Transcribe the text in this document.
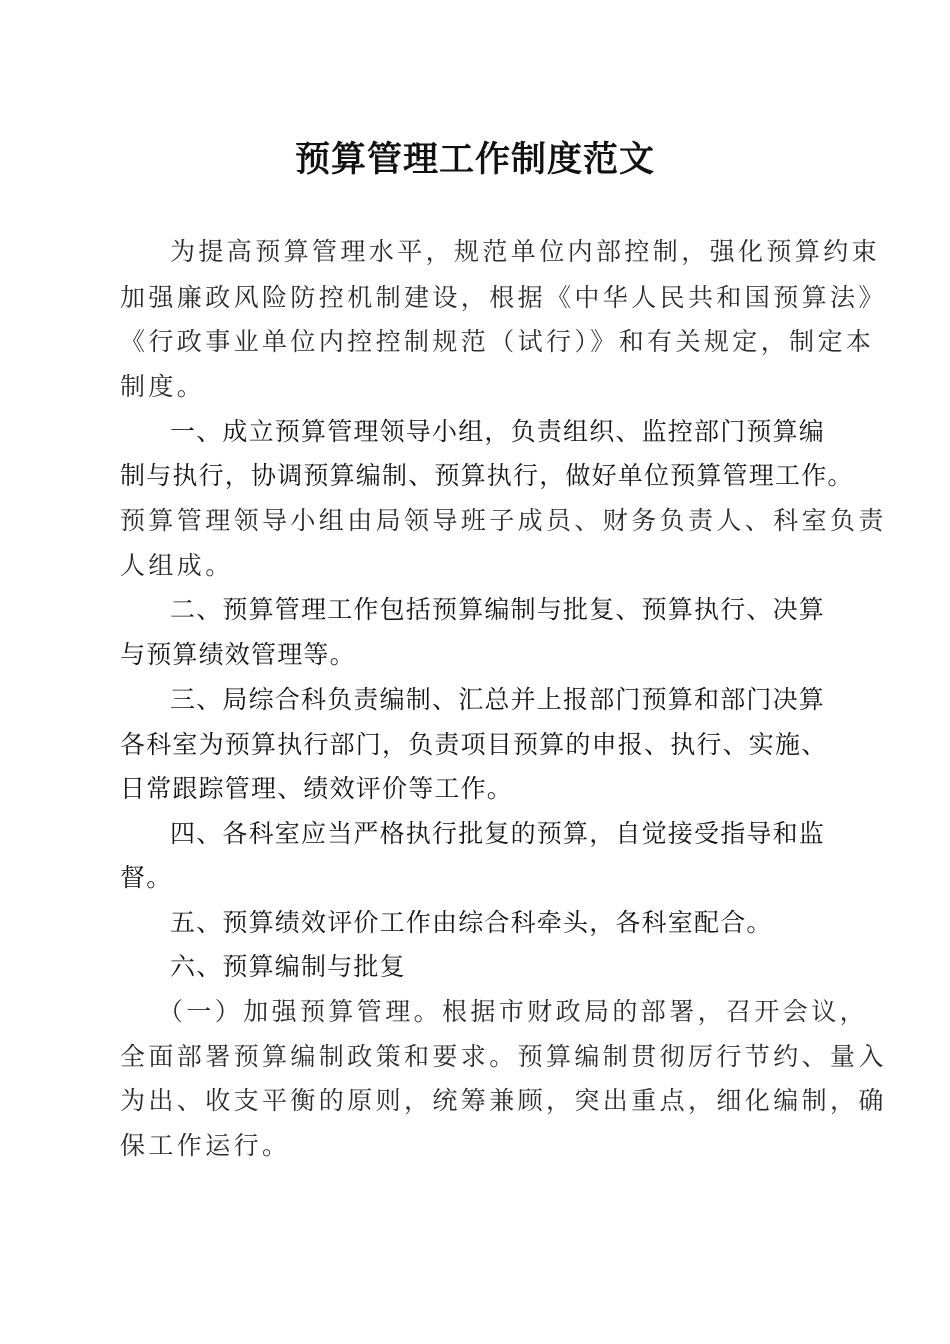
预算管理工作制度范文

为提高预算管理水平，规范单位内部控制，强化预算约束

加强廉政风险防控机制建设，根据《中华人民共和国预算法》

《行政事业单位内控控制规范（试行）》和有关规定，制定本

制度。

一、成立预算管理领导小组，负责组织、监控部门预算编

制与执行，协调预算编制、预算执行，做好单位预算管理工作。

预算管理领导小组由局领导班子成员、财务负责人、科室负责

人组成。

二、预算管理工作包括预算编制与批复、预算执行、决算

与预算绩效管理等。

三、局综合科负责编制、汇总并上报部门预算和部门决算

各科室为预算执行部门，负责项目预算的申报、执行、实施、

日常跟踪管理、绩效评价等工作。

四、各科室应当严格执行批复的预算，自觉接受指导和监

督。

五、预算绩效评价工作由综合科牵头，各科室配合。

六、预算编制与批复

（一）加强预算管理。根据市财政局的部署，召开会议，

全面部署预算编制政策和要求。预算编制贯彻厉行节约、量入

为出、收支平衡的原则，统筹兼顾，突出重点，细化编制，确

保工作运行。
